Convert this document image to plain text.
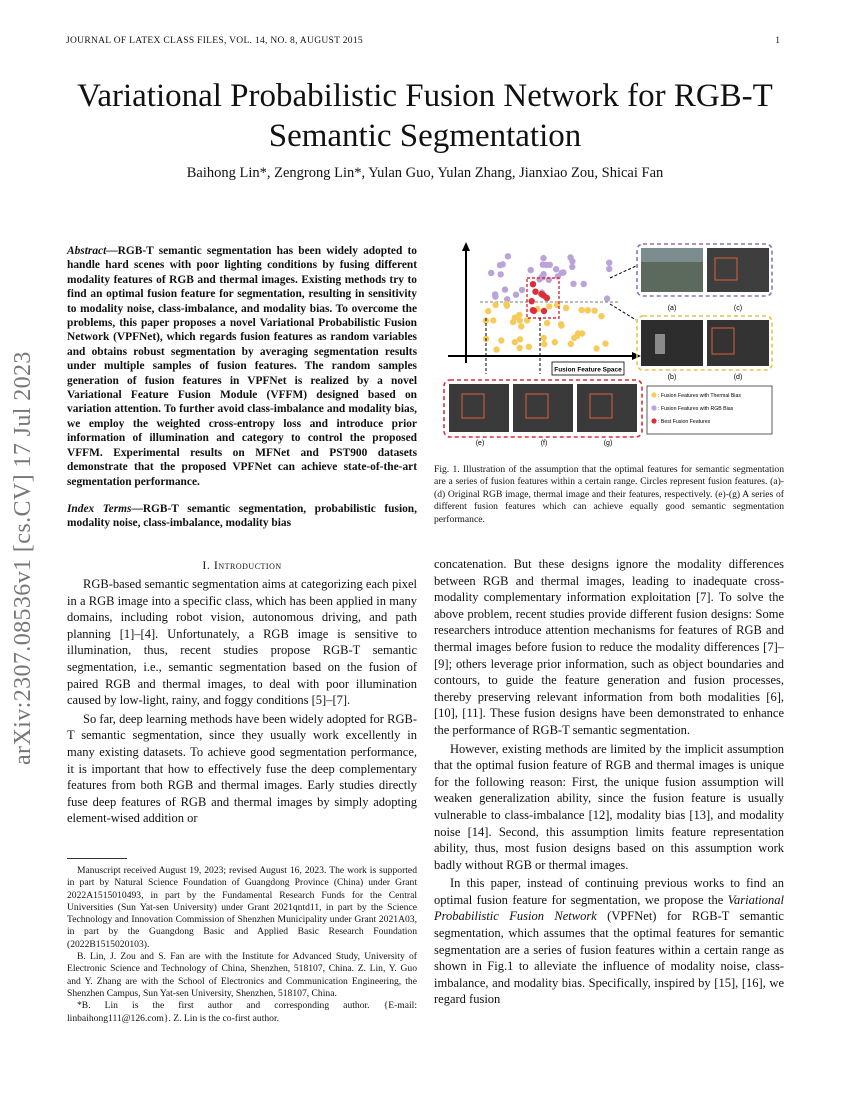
JOURNAL OF LATEX CLASS FILES, VOL. 14, NO. 8, AUGUST 2015	1
Variational Probabilistic Fusion Network for RGB-T
Semantic Segmentation
Baihong Lin*, Zengrong Lin*, Yulan Guo, Yulan Zhang, Jianxiao Zou, Shicai Fan
arXiv:2307.08536v1 [cs.CV] 17 Jul 2023
Abstract—RGB-T semantic segmentation has been widely adopted to handle hard scenes with poor lighting conditions by fusing different modality features of RGB and thermal images. Existing methods try to find an optimal fusion feature for segmentation, resulting in sensitivity to modality noise, class-imbalance, and modality bias. To overcome the problems, this paper proposes a novel Variational Probabilistic Fusion Network (VPFNet), which regards fusion features as random variables and obtains robust segmentation by averaging segmentation results under multiple samples of fusion features. The random samples generation of fusion features in VPFNet is realized by a novel Variational Feature Fusion Module (VFFM) designed based on variation attention. To further avoid class-imbalance and modality bias, we employ the weighted cross-entropy loss and introduce prior information of illumination and category to control the proposed VFFM. Experimental results on MFNet and PST900 datasets demonstrate that the proposed VPFNet can achieve state-of-the-art segmentation performance.
Index Terms—RGB-T semantic segmentation, probabilistic fusion, modality noise, class-imbalance, modality bias
I. Introduction

RGB-based semantic segmentation aims at categorizing each pixel in a RGB image into a specific class, which has been applied in many domains, including robot vision, autonomous driving, and path planning [1]–[4]. Unfortunately, a RGB image is sensitive to illumination, thus, recent studies propose RGB-T semantic segmentation, i.e., semantic segmentation based on the fusion of paired RGB and thermal images, to deal with poor illumination caused by low-light, rainy, and foggy conditions [5]–[7].

So far, deep learning methods have been widely adopted for RGB-T semantic segmentation, since they usually work excellently in many existing datasets. To achieve good segmentation performance, it is important that how to effectively fuse the deep complementary features from both RGB and thermal images. Early studies directly fuse deep features of RGB and thermal images by simply adopting element-wised addition or

Manuscript received August 19, 2023; revised August 16, 2023. The work is supported in part by Natural Science Foundation of Guangdong Province (China) under Grant 2022A1515010493, in part by the Fundamental Research Funds for the Central Universities (Sun Yat-sen University) under Grant 2021qntd11, in part by the Science Technology and Innovation Commission of Shenzhen Municipality under Grant 2021A03, in part by the Guangdong Basic and Applied Basic Research Foundation (2022B1515020103).

B. Lin, J. Zou and S. Fan are with the Institute for Advanced Study, University of Electronic Science and Technology of China, Shenzhen, 518107, China. Z. Lin, Y. Guo and Y. Zhang are with the School of Electronics and Communication Engineering, the Shenzhen Campus, Sun Yat-sen University, Shenzhen, 518107, China.

*B. Lin is the first author and corresponding author. {E-mail: linbaihong111@126.com}. Z. Lin is the co-first author.

Fusion Feature Space
(a)	(c)
(b)	(d)
(e)	(f)	(g)
: Fusion Features with Thermal Bias
: Fusion Features with RGB Bias
: Best Fusion Features
Fig. 1. Illustration of the assumption that the optimal features for semantic segmentation are a series of fusion features within a certain range. Circles represent fusion features. (a)-(d) Original RGB image, thermal image and their features, respectively. (e)-(g) A series of different fusion features which can achieve equally good semantic segmentation performance.

concatenation. But these designs ignore the modality differences between RGB and thermal images, leading to inadequate cross-modality complementary information exploitation [7]. To solve the above problem, recent studies provide different fusion designs: Some researchers introduce attention mechanisms for features of RGB and thermal images before fusion to reduce the modality differences [7]–[9]; others leverage prior information, such as object boundaries and contours, to guide the feature generation and fusion processes, thereby preserving relevant information from both modalities [6], [10], [11]. These fusion designs have been demonstrated to enhance the performance of RGB-T semantic segmentation.

However, existing methods are limited by the implicit assumption that the optimal fusion feature of RGB and thermal images is unique for the following reason: First, the unique fusion assumption will weaken generalization ability, since the fusion feature is usually vulnerable to class-imbalance [12], modality bias [13], and modality noise [14]. Second, this assumption limits feature representation ability, thus, most fusion designs based on this assumption work badly without RGB or thermal images.

In this paper, instead of continuing previous works to find an optimal fusion feature for segmentation, we propose the Variational Probabilistic Fusion Network (VPFNet) for RGB-T semantic segmentation, which assumes that the optimal features for semantic segmentation are a series of fusion features within a certain range as shown in Fig.1 to alleviate the influence of modality noise, class-imbalance, and modality bias. Specifically, inspired by [15], [16], we regard fusion
